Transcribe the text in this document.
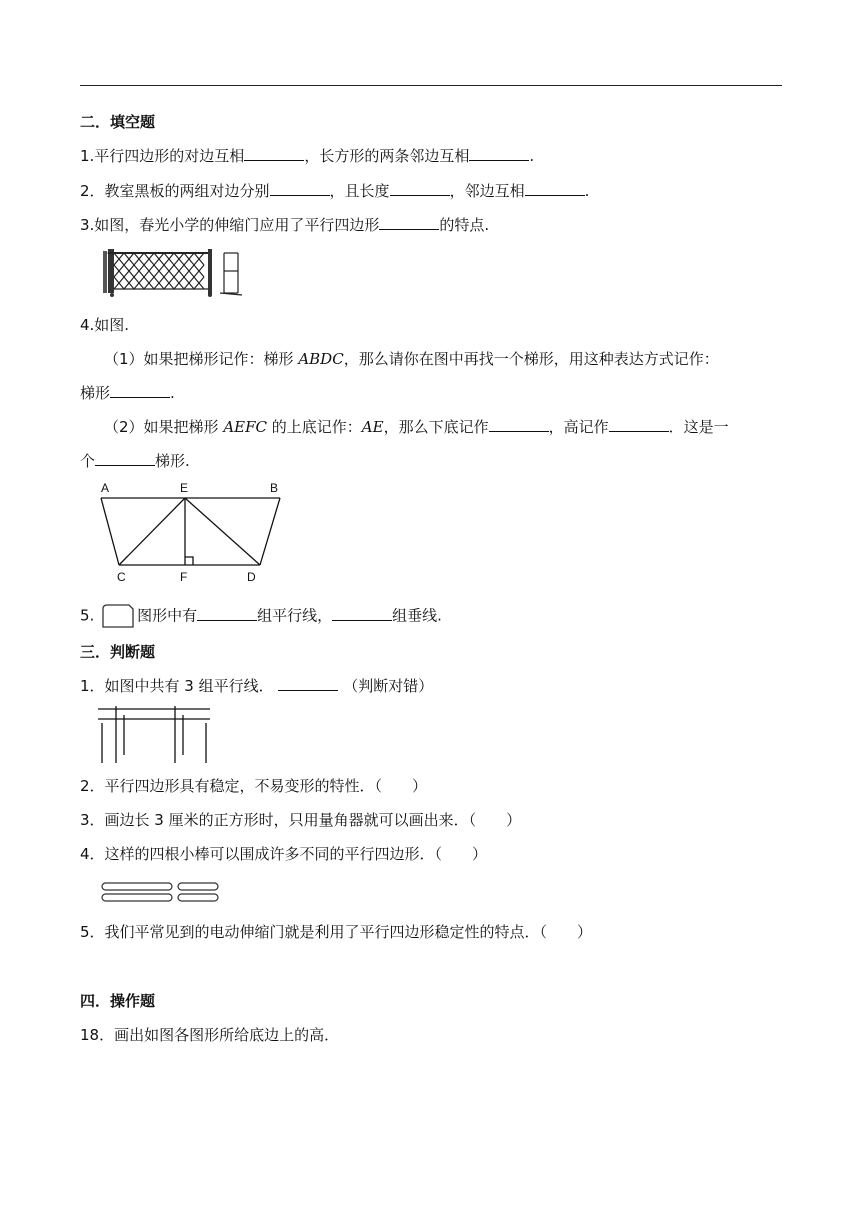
二．填空题
1.平行四边形的对边互相	，长方形的两条邻边互相	.
2．教室黑板的两组对边分别	，且长度	，邻边互相	.
3.如图，春光小学的伸缩门应用了平行四边形	的特点.
4.如图.
（1）如果把梯形记作：梯形 ABDC，那么请你在图中再找一个梯形，用这种表达方式记作：
梯形	.
（2）如果把梯形 AEFC 的上底记作：AE，那么下底记作	，高记作	．这是一
个	梯形.
A	E	B
C	F	D
5.	图形中有	组平行线，	组垂线.
三．判断题
1．如图中共有 3 组平行线．	（判断对错）
2．平行四边形具有稳定，不易变形的特性．（　　）
3．画边长 3 厘米的正方形时，只用量角器就可以画出来．（　　）
4．这样的四根小棒可以围成许多不同的平行四边形．（　　）
5．我们平常见到的电动伸缩门就是利用了平行四边形稳定性的特点．（　　）
四．操作题
18．画出如图各图形所给底边上的高．
